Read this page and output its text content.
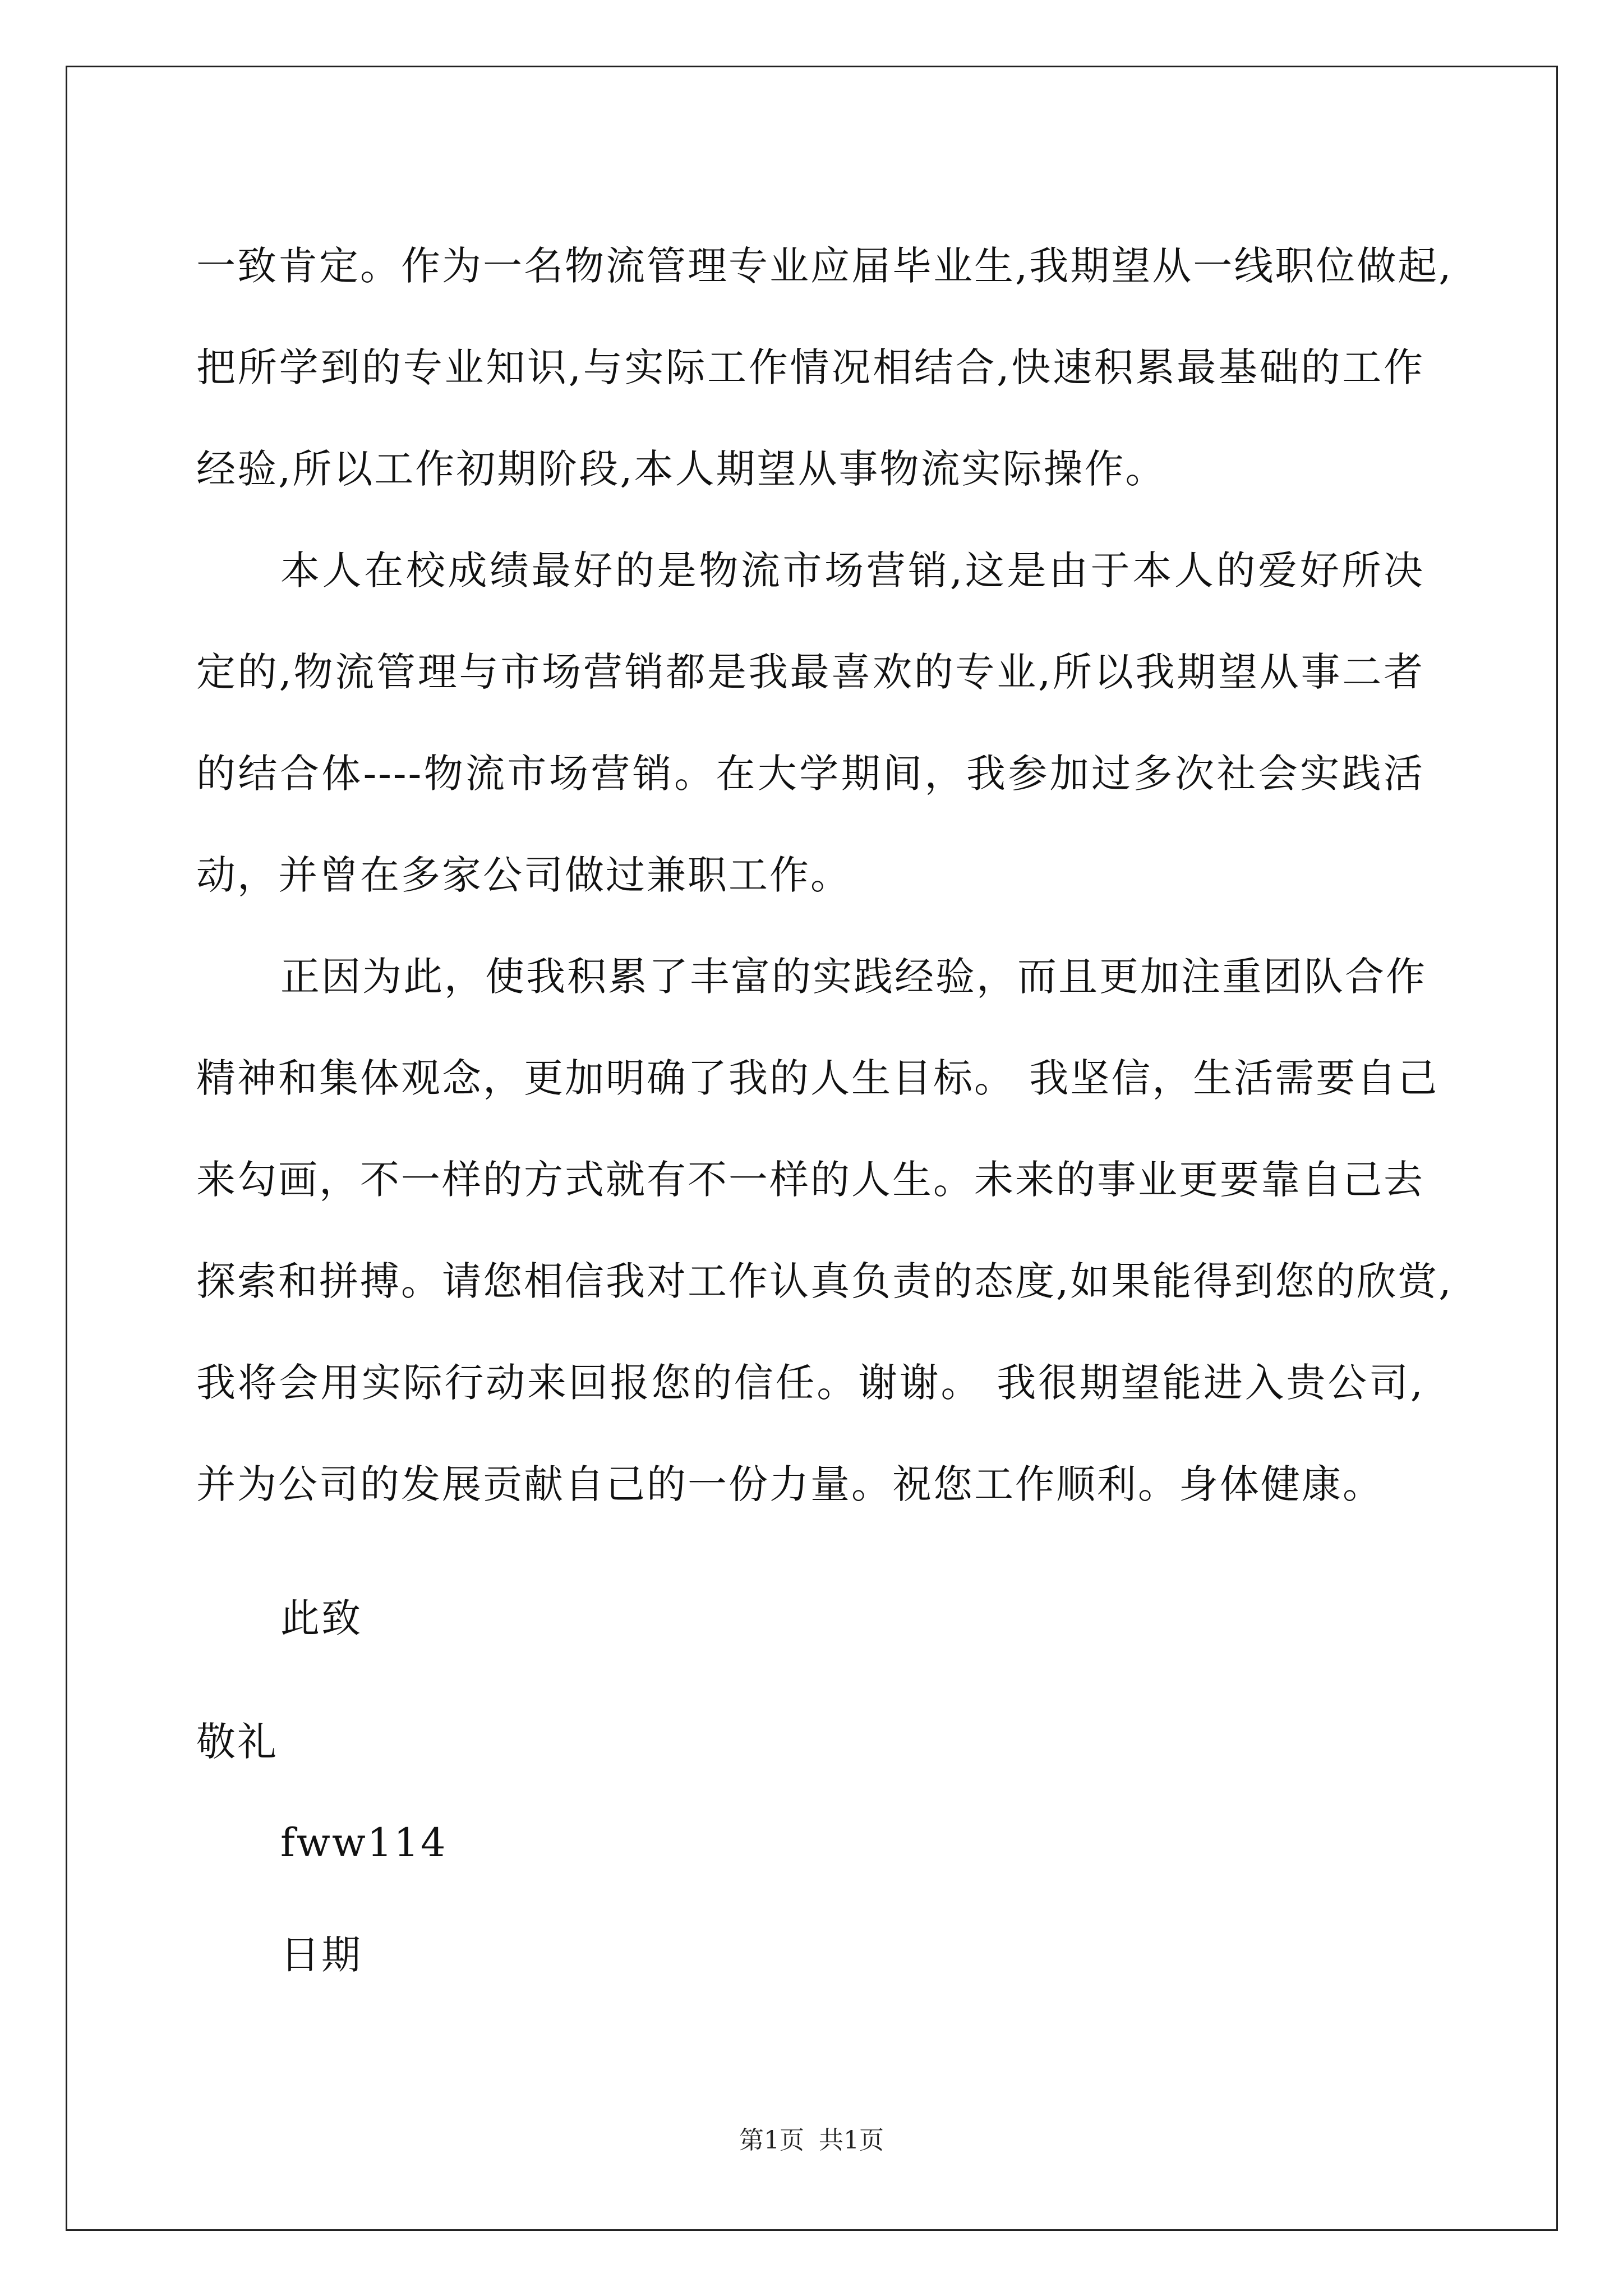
一致肯定。作为一名物流管理专业应届毕业生,我期望从一线职位做起,
把所学到的专业知识,与实际工作情况相结合,快速积累最基础的工作
经验,所以工作初期阶段,本人期望从事物流实际操作。
本人在校成绩最好的是物流市场营销,这是由于本人的爱好所决
定的,物流管理与市场营销都是我最喜欢的专业,所以我期望从事二者
的结合体----物流市场营销。在大学期间，我参加过多次社会实践活
动，并曾在多家公司做过兼职工作。
正因为此，使我积累了丰富的实践经验，而且更加注重团队合作
精神和集体观念，更加明确了我的人生目标。 我坚信，生活需要自己
来勾画，不一样的方式就有不一样的人生。未来的事业更要靠自己去
探索和拼搏。请您相信我对工作认真负责的态度,如果能得到您的欣赏,
我将会用实际行动来回报您的信任。谢谢。 我很期望能进入贵公司,
并为公司的发展贡献自己的一份力量。祝您工作顺利。身体健康。
此致
敬礼
fww114
日期
第1页 共1页
